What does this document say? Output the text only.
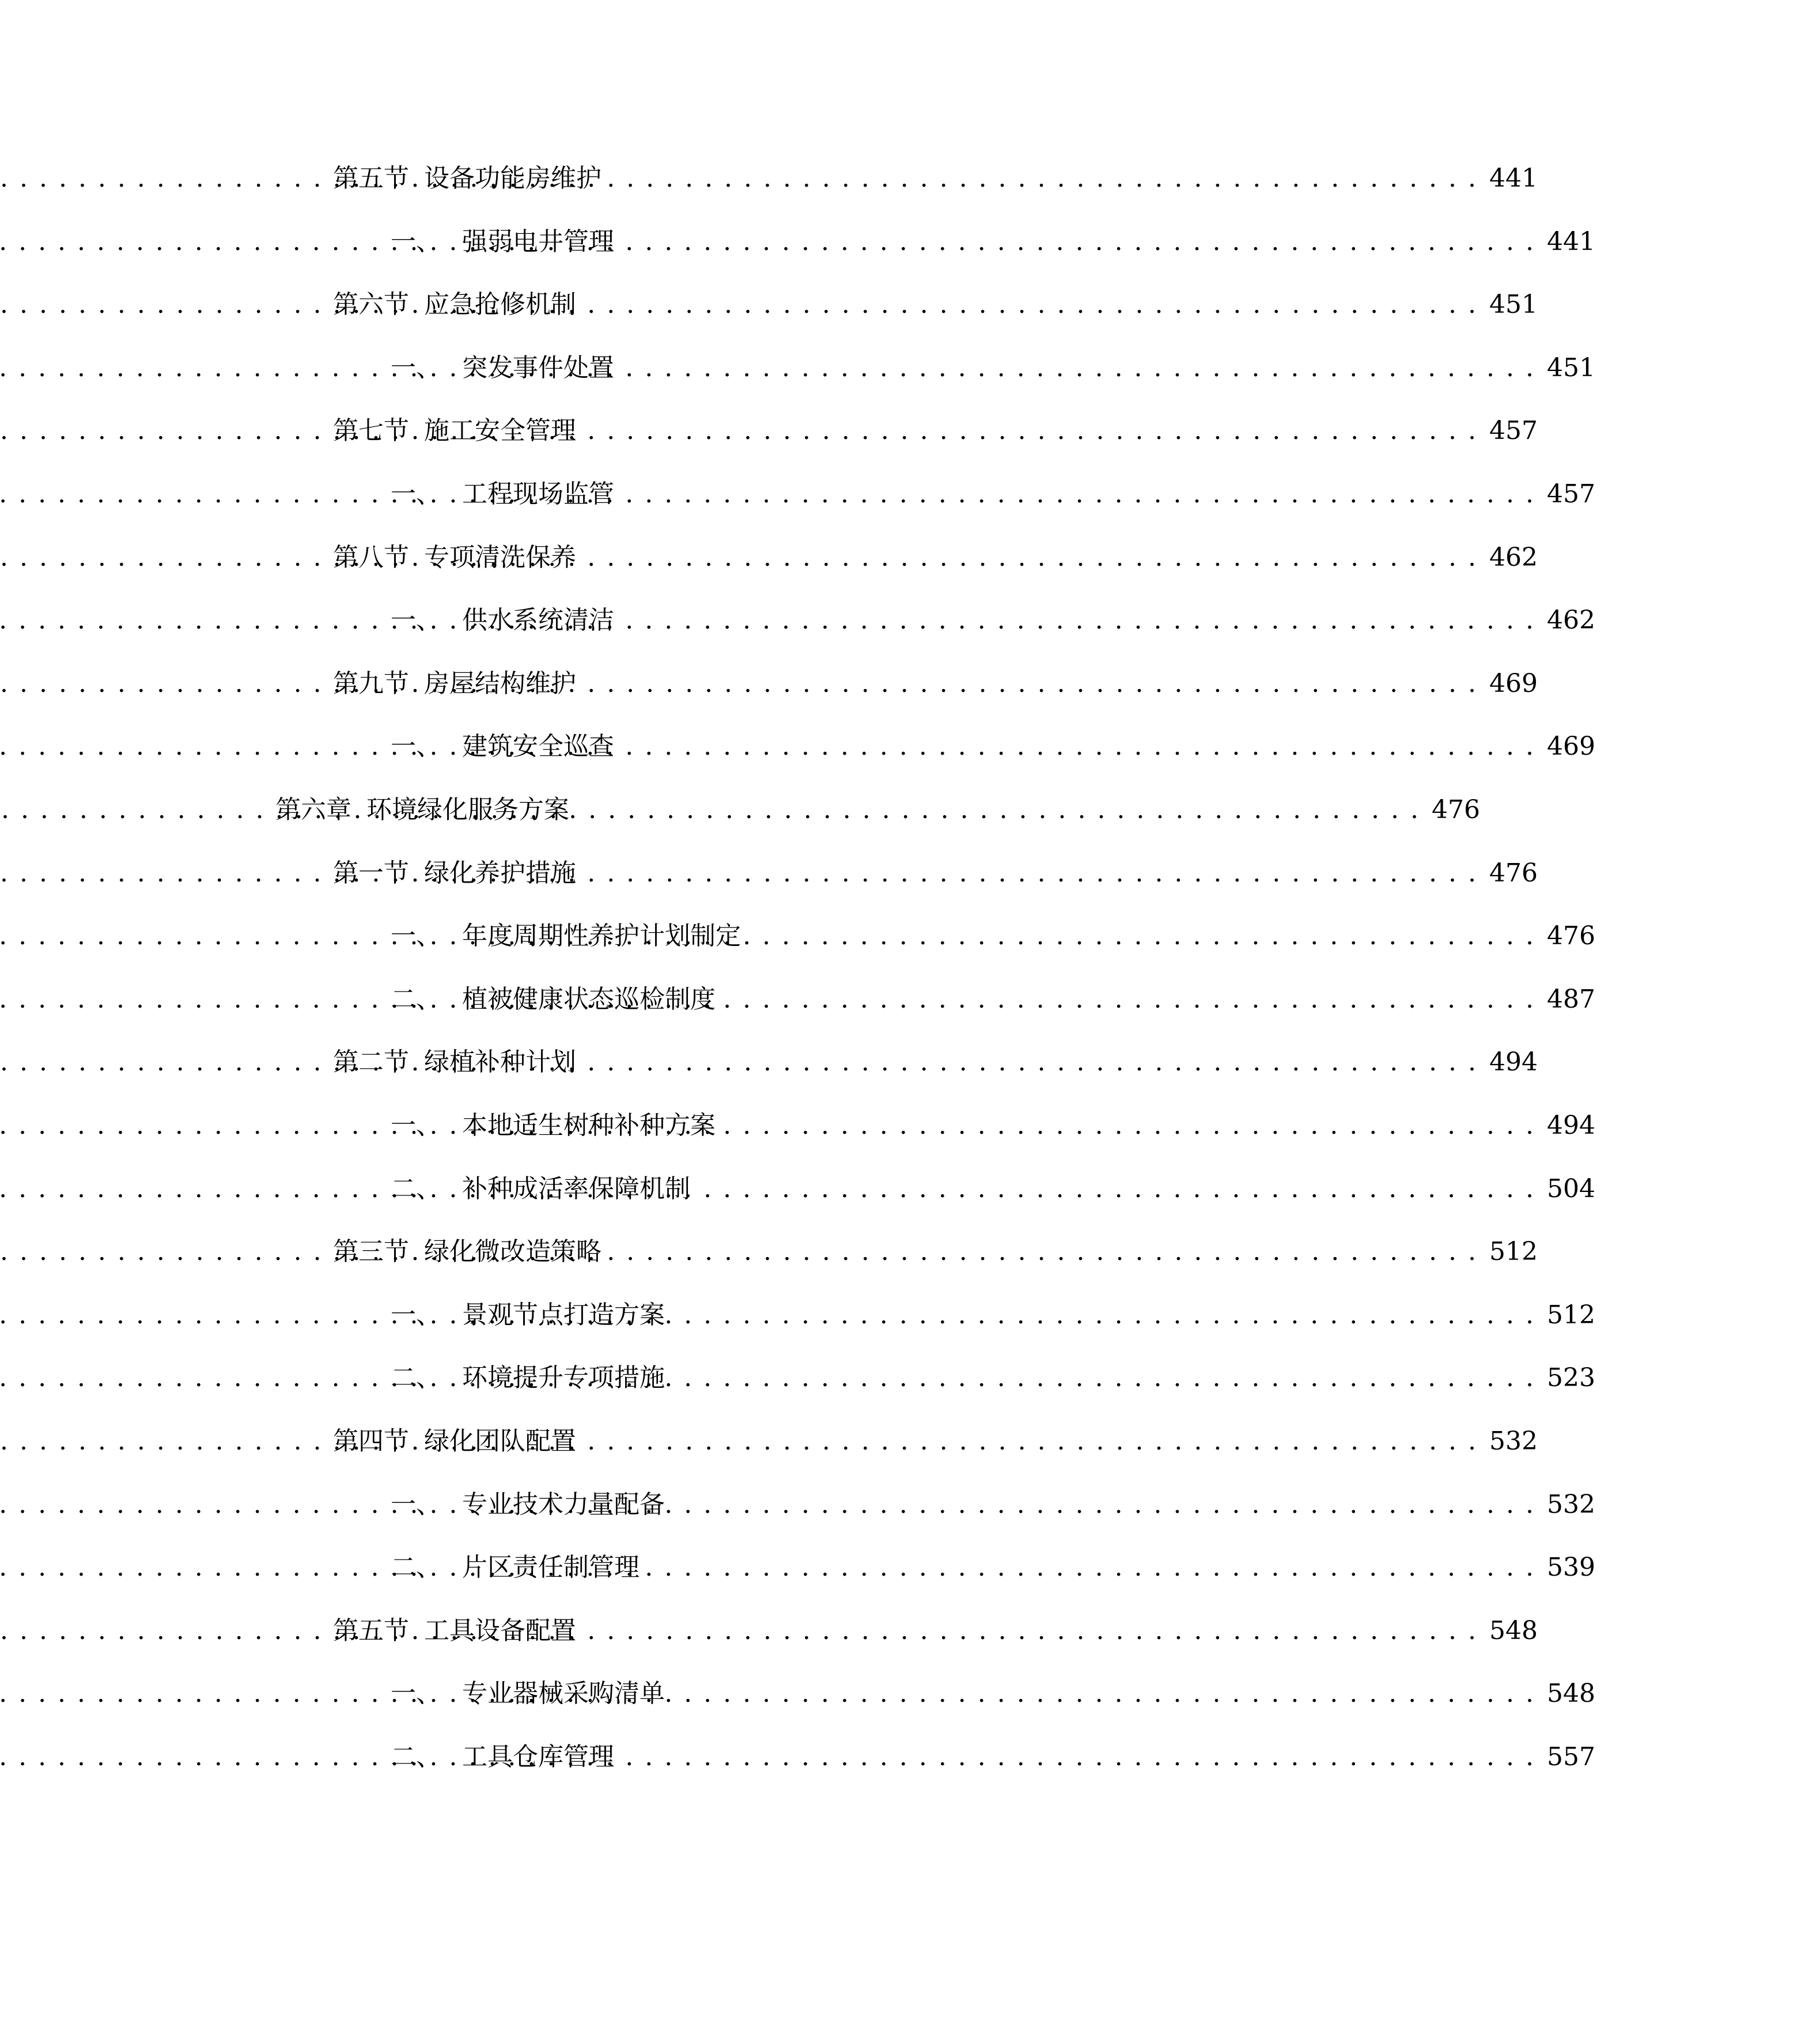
第五节 设备功能房维护 . . .	441
一、 强弱电井管理 . . .	441
第六节 应急抢修机制 . . .	451
一、 突发事件处置 . . .	451
第七节 施工安全管理 . . .	457
一、 工程现场监管 . . .	457
第八节 专项清洗保养 . . .	462
一、 供水系统清洁 . . .	462
第九节 房屋结构维护 . . .	469
一、 建筑安全巡查 . . .	469
第六章 环境绿化服务方案 . . .	476
第一节 绿化养护措施 . . .	476
一、 年度周期性养护计划制定 . . .	476
二、 植被健康状态巡检制度 . . .	487
第二节 绿植补种计划 . . .	494
一、 本地适生树种补种方案 . . .	494
二、 补种成活率保障机制 . . .	504
第三节 绿化微改造策略 . . .	512
一、 景观节点打造方案 . . .	512
二、 环境提升专项措施 . . .	523
第四节 绿化团队配置 . . .	532
一、 专业技术力量配备 . . .	532
二、 片区责任制管理 . . .	539
第五节 工具设备配置 . . .	548
一、 专业器械采购清单 . . .	548
二、 工具仓库管理 . . .	557
